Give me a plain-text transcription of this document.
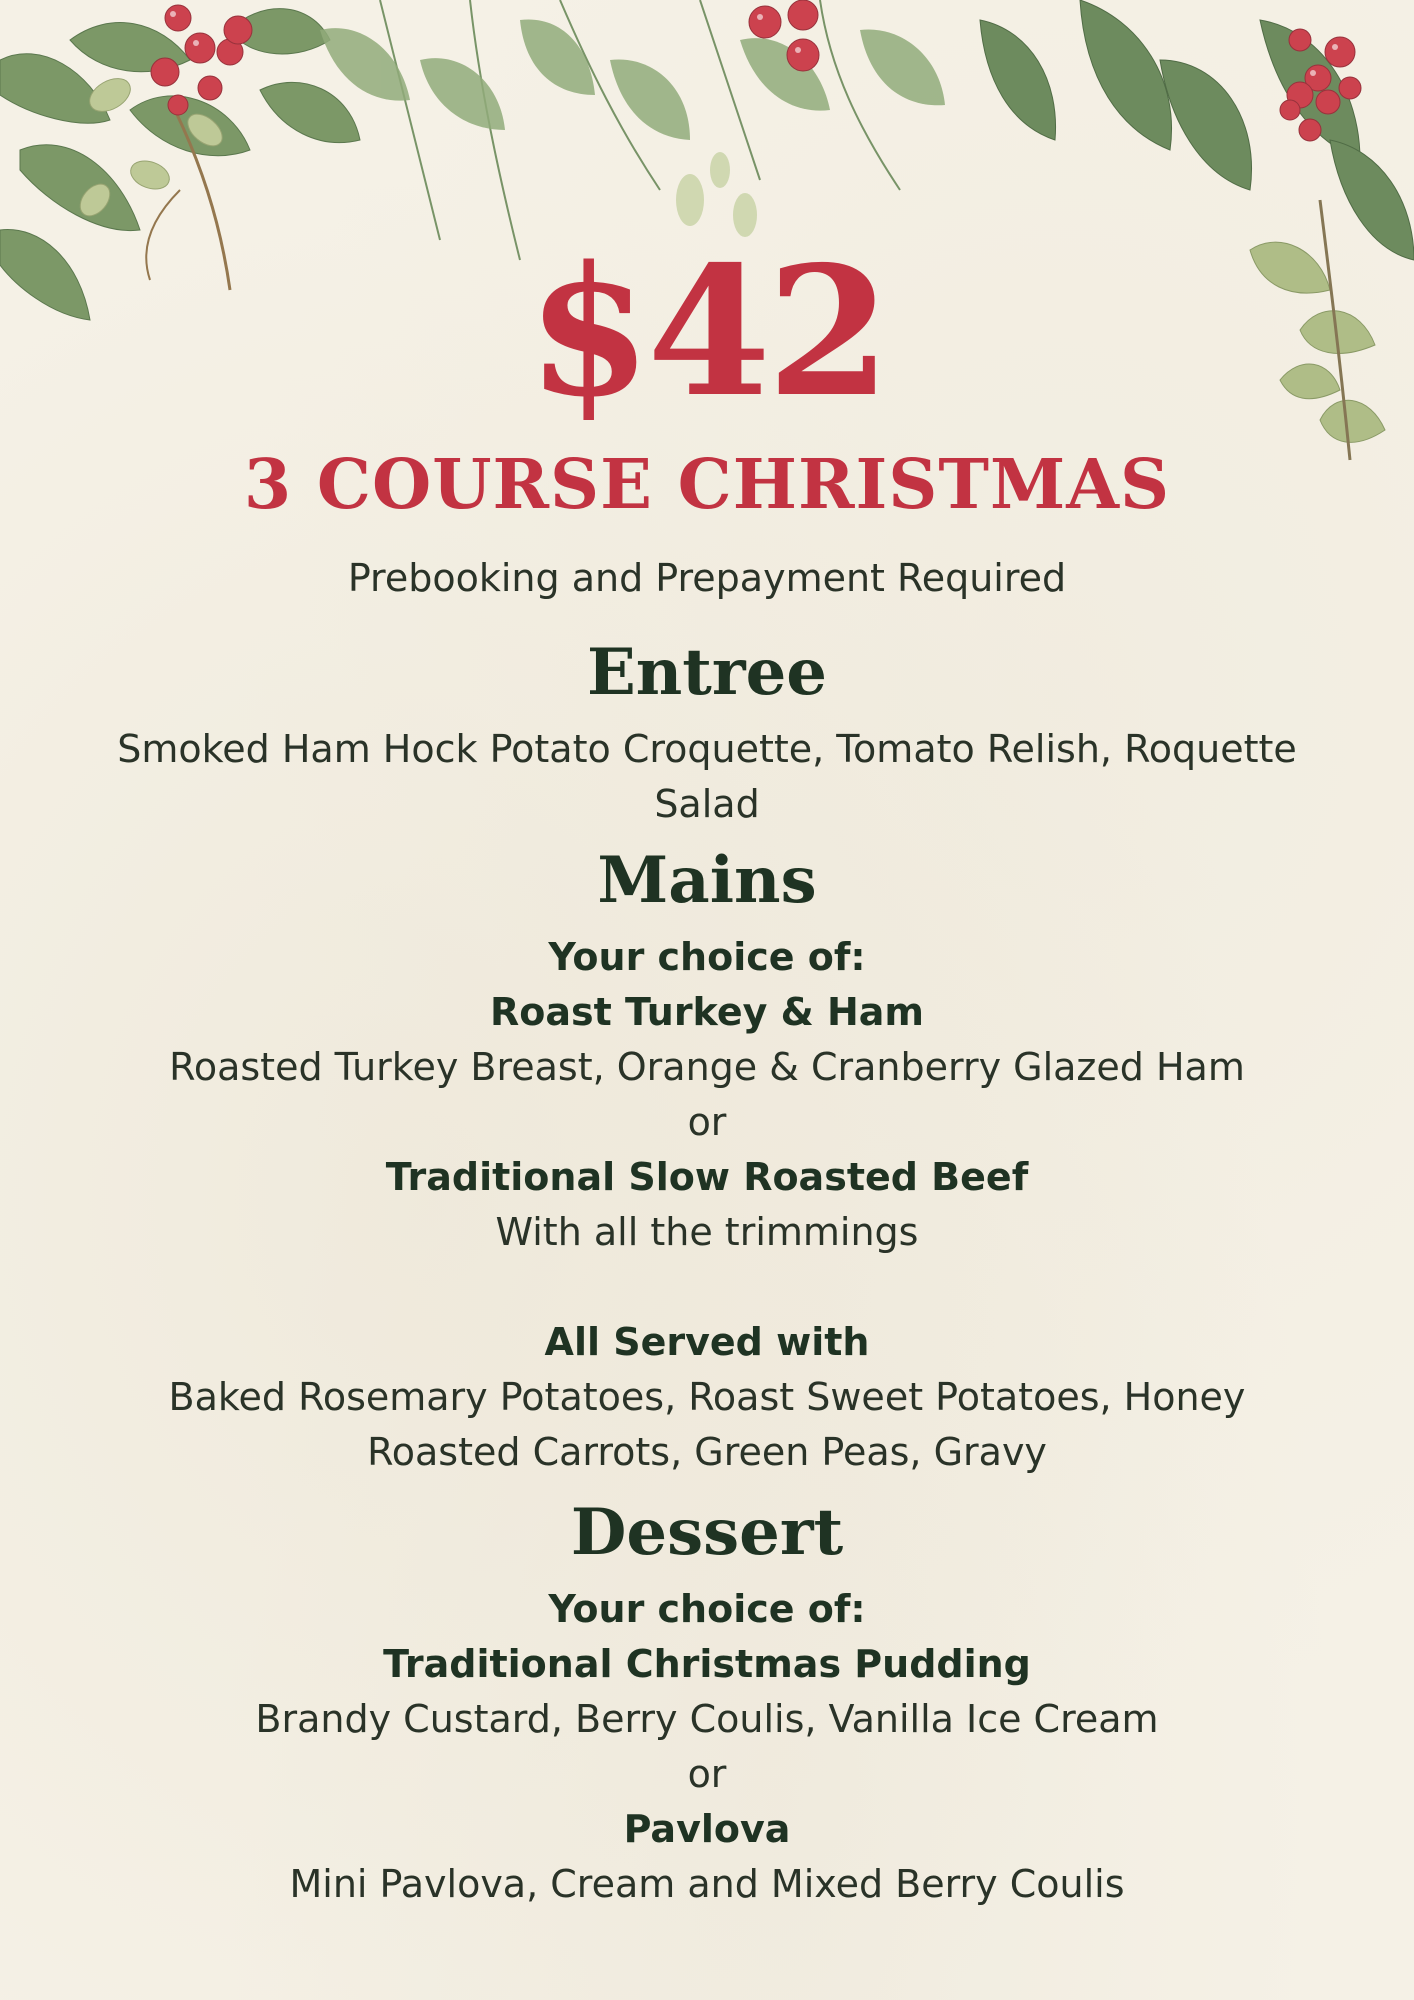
$42

3 COURSE CHRISTMAS

Prebooking and Prepayment Required

Entree

Smoked Ham Hock Potato Croquette, Tomato Relish, Roquette Salad

Mains

Your choice of:

Roast Turkey & Ham

Roasted Turkey Breast, Orange & Cranberry Glazed Ham

or

Traditional Slow Roasted Beef

With all the trimmings

All Served with

Baked Rosemary Potatoes, Roast Sweet Potatoes, Honey Roasted Carrots, Green Peas, Gravy

Dessert

Your choice of:

Traditional Christmas Pudding

Brandy Custard, Berry Coulis, Vanilla Ice Cream

or

Pavlova

Mini Pavlova, Cream and Mixed Berry Coulis
